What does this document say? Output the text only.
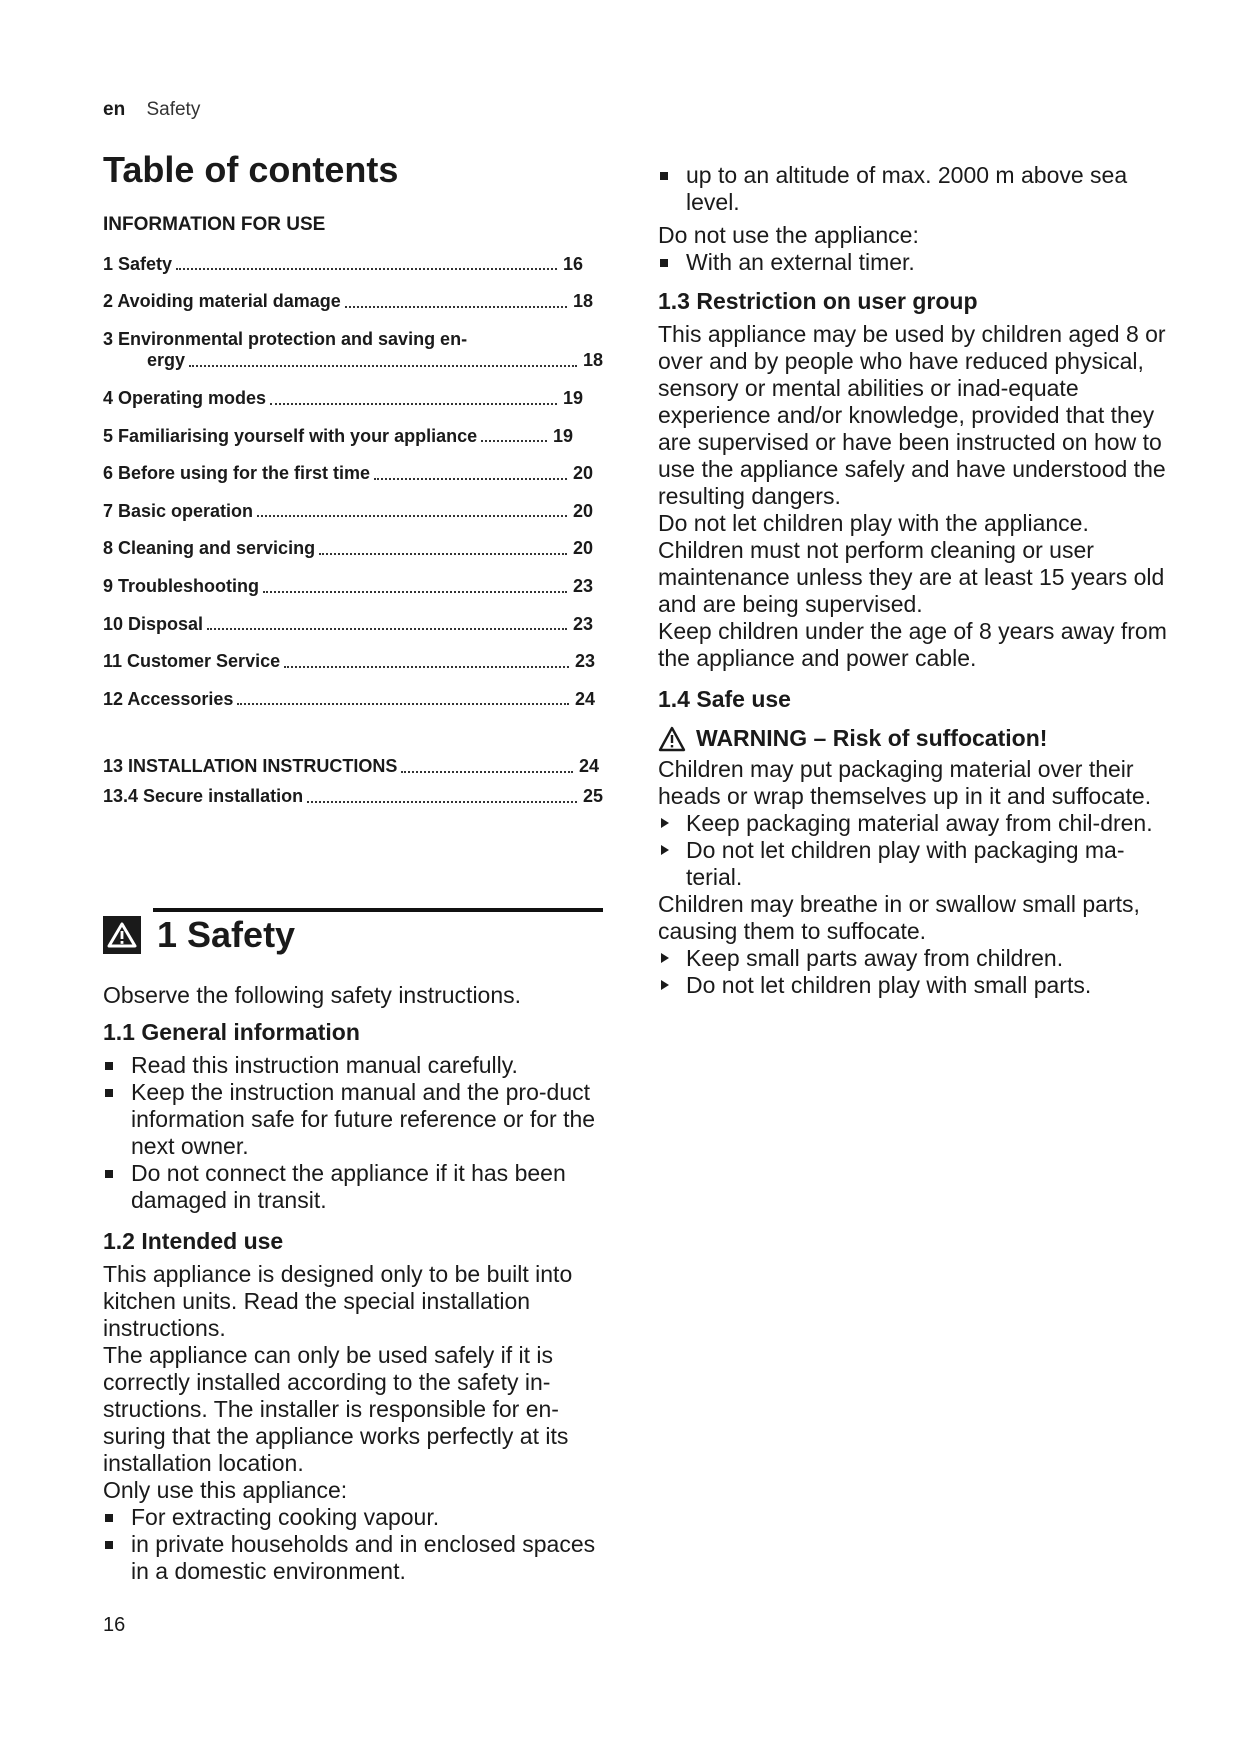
en Safety
Table of contents
INFORMATION FOR USE
1 Safety	16
2 Avoiding material damage	18
3 Environmental protection and saving en-
ergy	18
4 Operating modes	19
5 Familiarising yourself with your appliance	19
6 Before using for the first time	20
7 Basic operation	20
8 Cleaning and servicing	20
9 Troubleshooting	23
10 Disposal	23
11 Customer Service	23
12 Accessories	24
13 INSTALLATION INSTRUCTIONS	24
13.4 Secure installation	25
1 Safety

Observe the following safety instructions.

1.1 General information
Read this instruction manual carefully.
Keep the instruction manual and the pro-duct information safe for future reference or for the next owner.
Do not connect the appliance if it has been damaged in transit.
1.2 Intended use

This appliance is designed only to be built into kitchen units. Read the special installation instructions.

The appliance can only be used safely if it is correctly installed according to the safety in-structions. The installer is responsible for en-suring that the appliance works perfectly at its installation location.

Only use this appliance:

For extracting cooking vapour.
in private households and in enclosed spaces in a domestic environment.
16
up to an altitude of max. 2000 m above sea level.

Do not use the appliance:

With an external timer.
1.3 Restriction on user group

This appliance may be used by children aged 8 or over and by people who have reduced physical, sensory or mental abilities or inad-equate experience and/or knowledge, provided that they are supervised or have been instructed on how to use the appliance safely and have understood the resulting dangers.

Do not let children play with the appliance.

Children must not perform cleaning or user maintenance unless they are at least 15 years old and are being supervised.

Keep children under the age of 8 years away from the appliance and power cable.

1.4 Safe use
WARNING – Risk of suffocation!

Children may put packaging material over their heads or wrap themselves up in it and suffocate.

Keep packaging material away from chil-dren.
Do not let children play with packaging ma-terial.

Children may breathe in or swallow small parts, causing them to suffocate.

Keep small parts away from children.
Do not let children play with small parts.
